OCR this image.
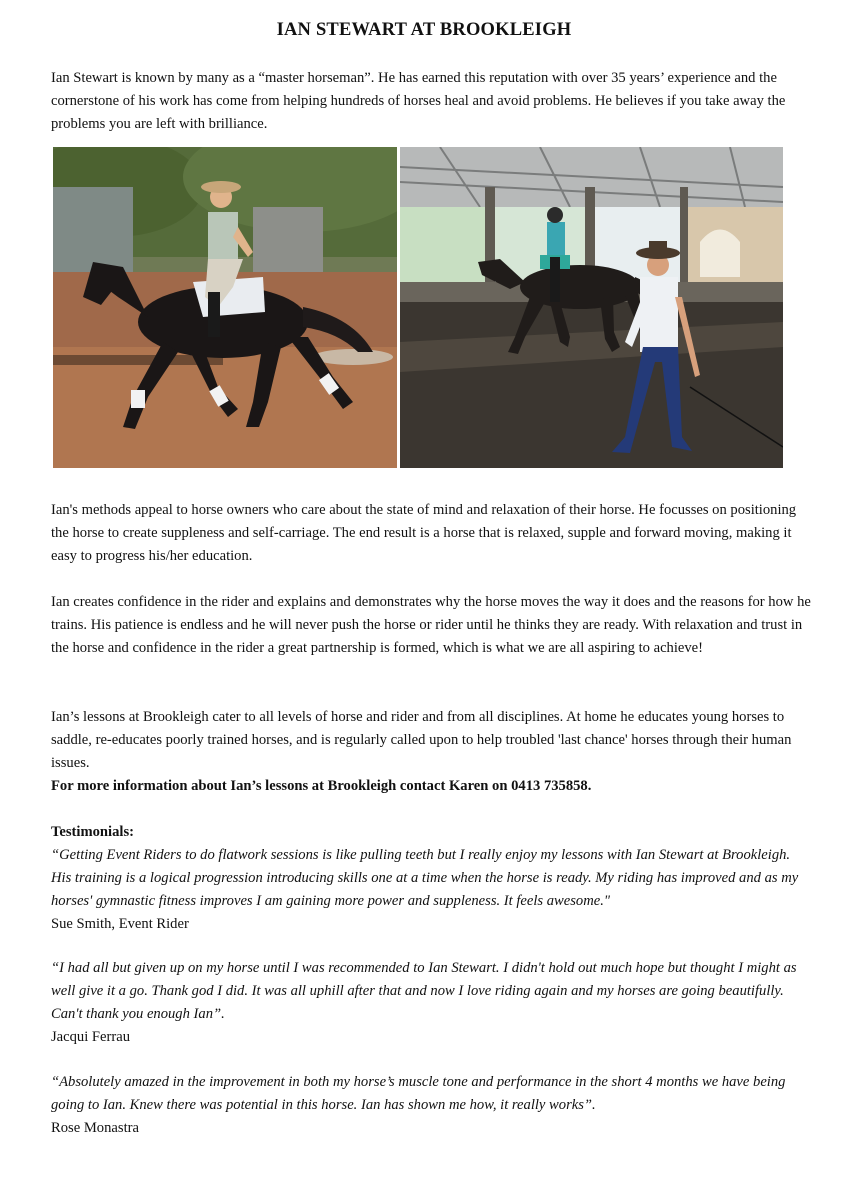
IAN STEWART AT BROOKLEIGH

Ian Stewart is known by many as a “master horseman”. He has earned this reputation with over 35 years’ experience and the cornerstone of his work has come from helping hundreds of horses heal and avoid problems. He believes if you take away the problems you are left with brilliance.

Ian's methods appeal to horse owners who care about the state of mind and relaxation of their horse. He focusses on positioning the horse to create suppleness and self-carriage. The end result is a horse that is relaxed, supple and forward moving, making it easy to progress his/her education.

Ian creates confidence in the rider and explains and demonstrates why the horse moves the way it does and the reasons for how he trains. His patience is endless and he will never push the horse or rider until he thinks they are ready. With relaxation and trust in the horse and confidence in the rider a great partnership is formed, which is what we are all aspiring to achieve!

Ian’s lessons at Brookleigh cater to all levels of horse and rider and from all disciplines. At home he educates young horses to saddle, re-educates poorly trained horses, and is regularly called upon to help troubled 'last chance' horses through their human issues.

For more information about Ian’s lessons at Brookleigh contact Karen on 0413 735858.

Testimonials:

“Getting Event Riders to do flatwork sessions is like pulling teeth but I really enjoy my lessons with Ian Stewart at Brookleigh. His training is a logical progression introducing skills one at a time when the horse is ready. My riding has improved and as my horses' gymnastic fitness improves I am gaining more power and suppleness. It feels awesome."
Sue Smith, Event Rider
“I had all but given up on my horse until I was recommended to Ian Stewart. I didn't hold out much hope but thought I might as well give it a go. Thank god I did. It was all uphill after that and now I love riding again and my horses are going beautifully. Can't thank you enough Ian”.
Jacqui Ferrau
“Absolutely amazed in the improvement in both my horse’s muscle tone and performance in the short 4 months we have being going to Ian. Knew there was potential in this horse. Ian has shown me how, it really works”.
Rose Monastra
